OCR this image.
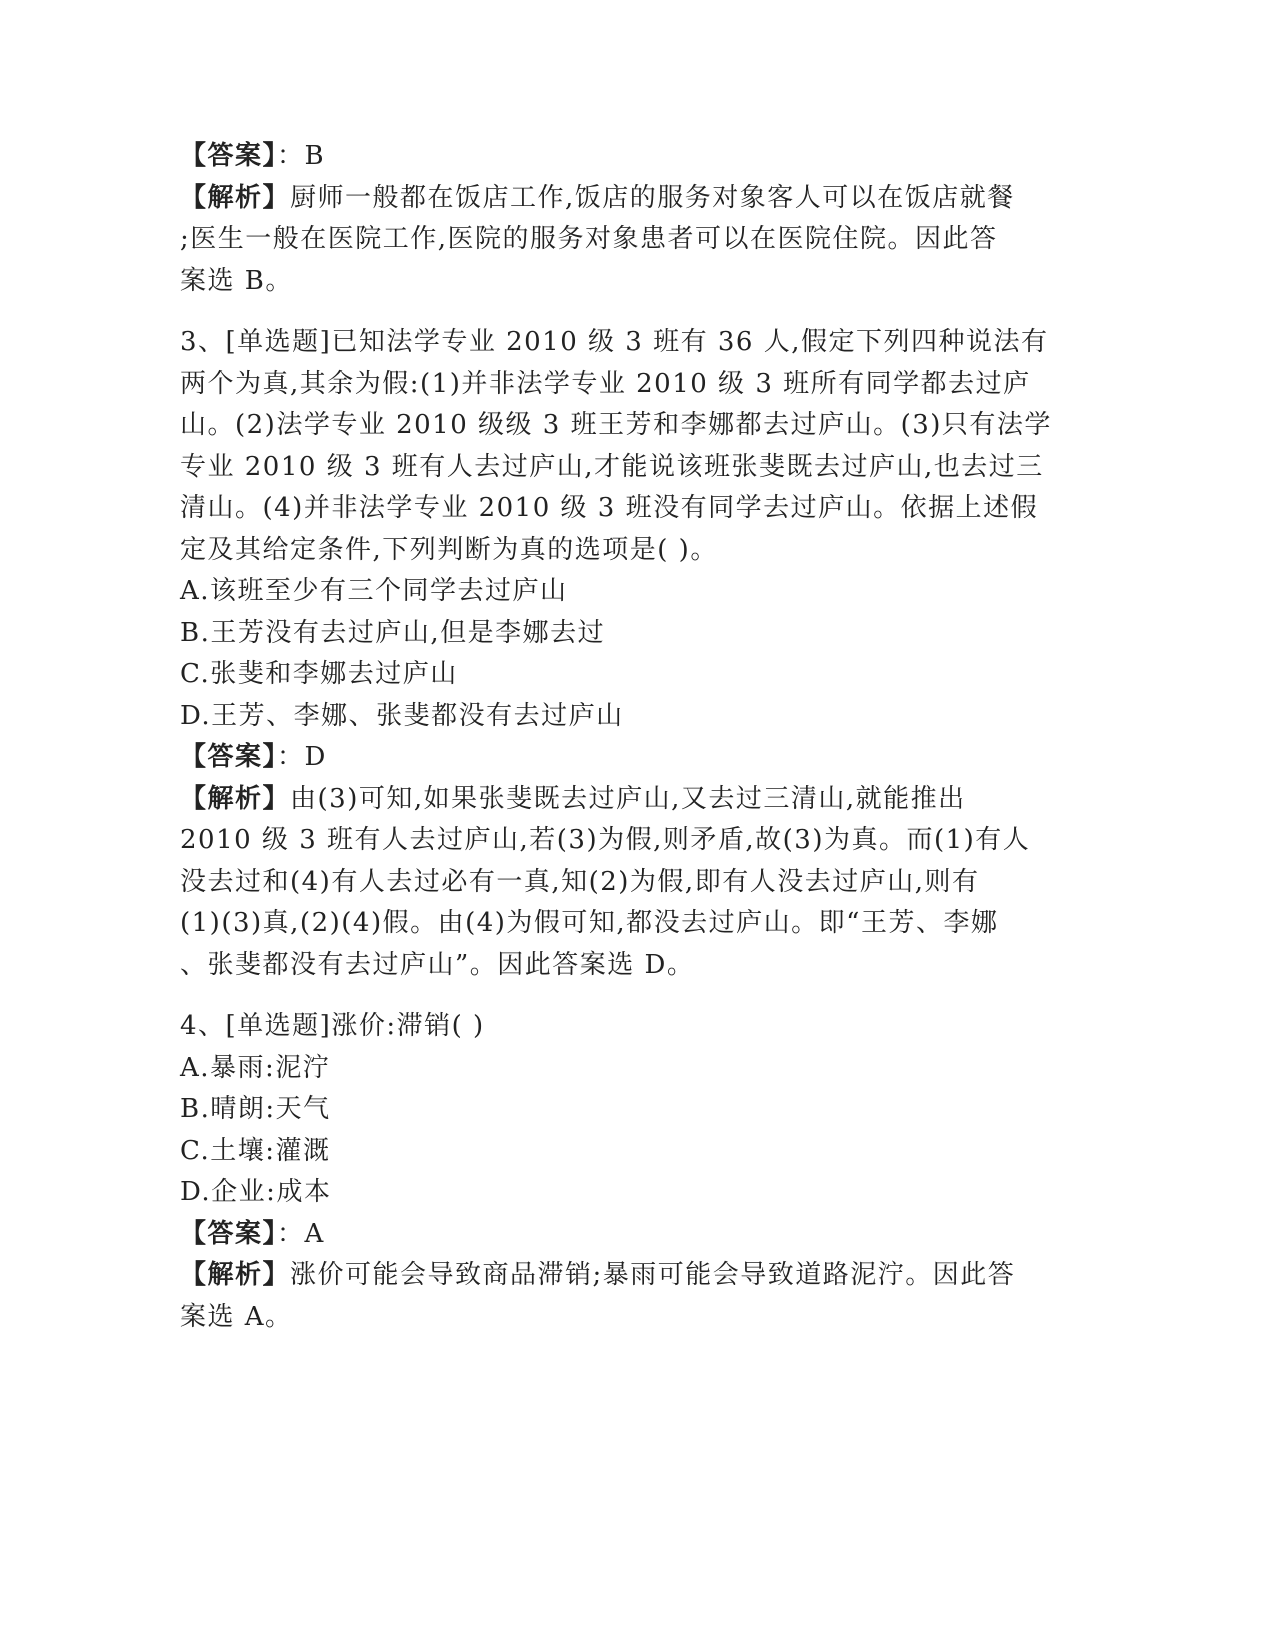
【答案】：B
【解析】厨师一般都在饭店工作,饭店的服务对象客人可以在饭店就餐
;医生一般在医院工作,医院的服务对象患者可以在医院住院。因此答
案选 B。
3、[单选题]已知法学专业 2010 级 3 班有 36 人,假定下列四种说法有
两个为真,其余为假:(1)并非法学专业 2010 级 3 班所有同学都去过庐
山。(2)法学专业 2010 级级 3 班王芳和李娜都去过庐山。(3)只有法学
专业 2010 级 3 班有人去过庐山,才能说该班张斐既去过庐山,也去过三
清山。(4)并非法学专业 2010 级 3 班没有同学去过庐山。依据上述假
定及其给定条件,下列判断为真的选项是( )。
A.该班至少有三个同学去过庐山
B.王芳没有去过庐山,但是李娜去过
C.张斐和李娜去过庐山
D.王芳、李娜、张斐都没有去过庐山
【答案】：D
【解析】由(3)可知,如果张斐既去过庐山,又去过三清山,就能推出
2010 级 3 班有人去过庐山,若(3)为假,则矛盾,故(3)为真。而(1)有人
没去过和(4)有人去过必有一真,知(2)为假,即有人没去过庐山,则有
(1)(3)真,(2)(4)假。由(4)为假可知,都没去过庐山。即“王芳、李娜
、张斐都没有去过庐山”。因此答案选 D。
4、[单选题]涨价:滞销( )
A.暴雨:泥泞
B.晴朗:天气
C.土壤:灌溉
D.企业:成本
【答案】：A
【解析】涨价可能会导致商品滞销;暴雨可能会导致道路泥泞。因此答
案选 A。
